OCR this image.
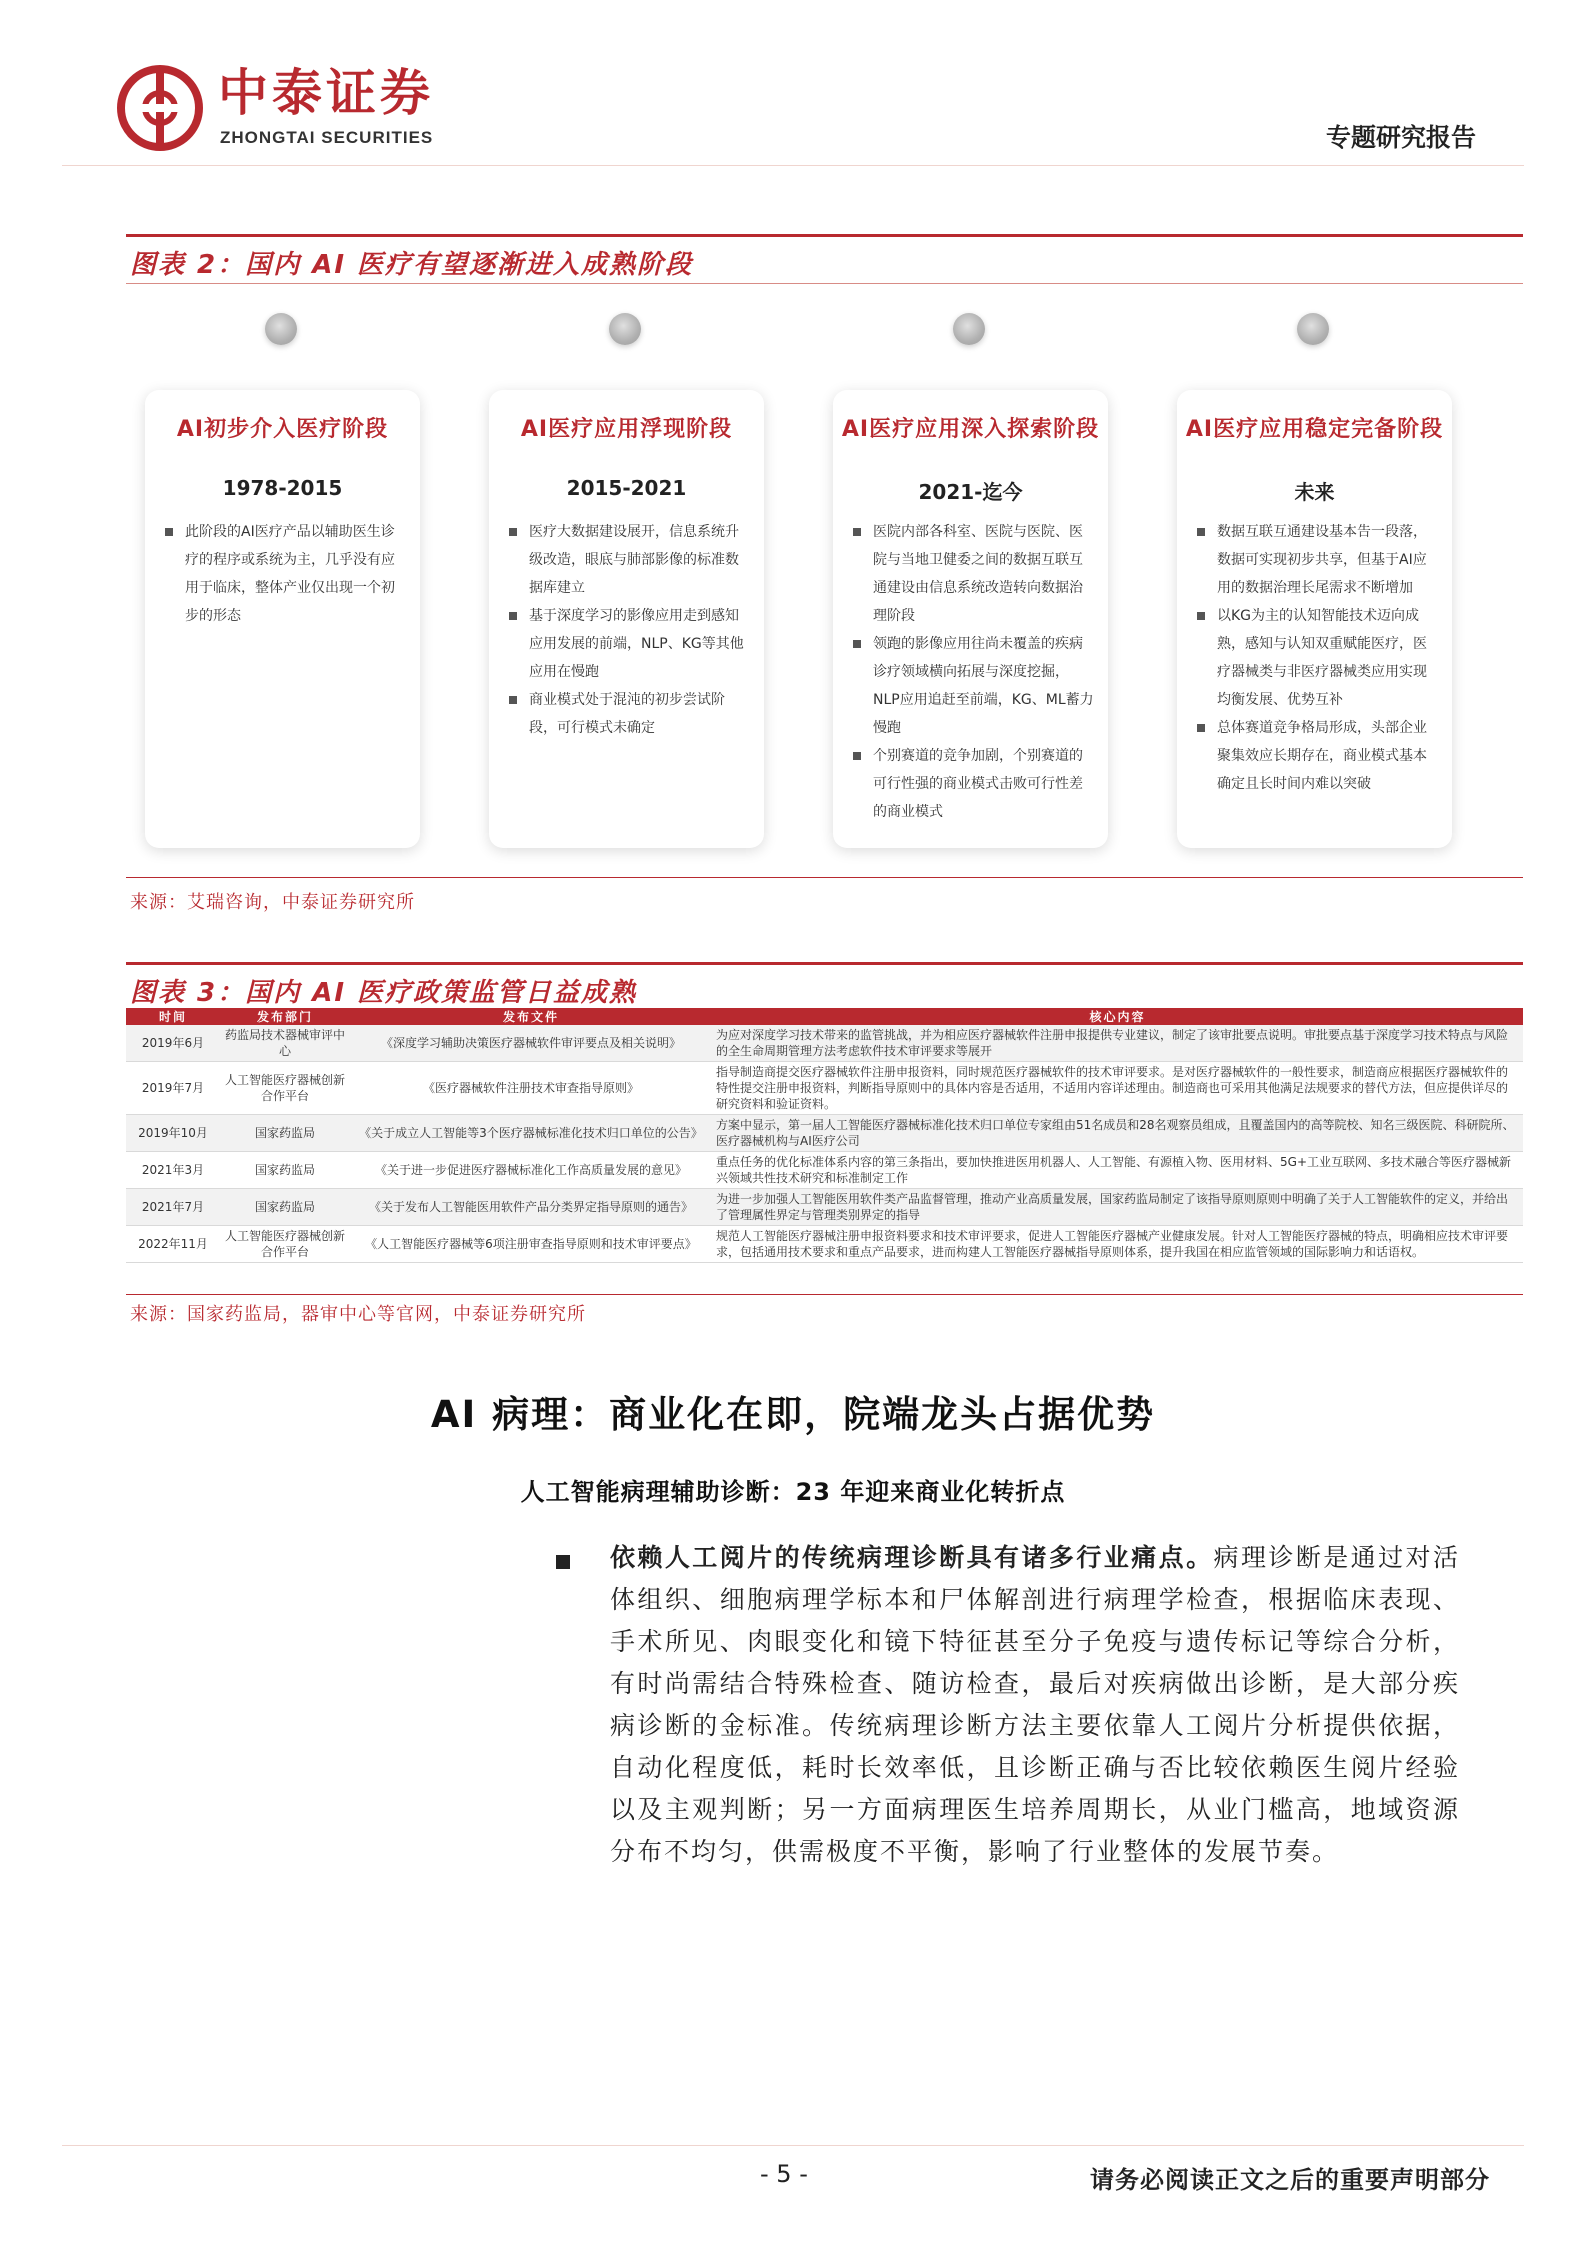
中泰证券
ZHONGTAI SECURITIES	专题研究报告
图表 2：国内 AI 医疗有望逐渐进入成熟阶段
AI初步介入医疗阶段
1978-2015
此阶段的AI医疗产品以辅助医生诊疗的程序或系统为主，几乎没有应用于临床，整体产业仅出现一个初步的形态
AI医疗应用浮现阶段
2015-2021
医疗大数据建设展开，信息系统升级改造，眼底与肺部影像的标准数据库建立
基于深度学习的影像应用走到感知应用发展的前端，NLP、KG等其他应用在慢跑
商业模式处于混沌的初步尝试阶段，可行模式未确定
AI医疗应用深入探索阶段
2021-迄今
医院内部各科室、医院与医院、医院与当地卫健委之间的数据互联互通建设由信息系统改造转向数据治理阶段
领跑的影像应用往尚未覆盖的疾病诊疗领域横向拓展与深度挖掘，NLP应用追赶至前端，KG、ML蓄力慢跑
个别赛道的竞争加剧，个别赛道的可行性强的商业模式击败可行性差的商业模式
AI医疗应用稳定完备阶段
未来
数据互联互通建设基本告一段落，数据可实现初步共享，但基于AI应用的数据治理长尾需求不断增加
以KG为主的认知智能技术迈向成熟，感知与认知双重赋能医疗，医疗器械类与非医疗器械类应用实现均衡发展、优势互补
总体赛道竞争格局形成，头部企业聚集效应长期存在，商业模式基本确定且长时间内难以突破
来源：艾瑞咨询，中泰证券研究所
图表 3：国内 AI 医疗政策监管日益成熟
时间	发布部门	发布文件	核心内容
2019年6月	药监局技术器械审评中心	《深度学习辅助决策医疗器械软件审评要点及相关说明》	为应对深度学习技术带来的监管挑战，并为相应医疗器械软件注册申报提供专业建议，制定了该审批要点说明。审批要点基于深度学习技术特点与风险的全生命周期管理方法考虑软件技术审评要求等展开
2019年7月	人工智能医疗器械创新合作平台	《医疗器械软件注册技术审查指导原则》	指导制造商提交医疗器械软件注册申报资料，同时规范医疗器械软件的技术审评要求。是对医疗器械软件的一般性要求，制造商应根据医疗器械软件的特性提交注册申报资料，判断指导原则中的具体内容是否适用，不适用内容详述理由。制造商也可采用其他满足法规要求的替代方法，但应提供详尽的研究资料和验证资料。
2019年10月	国家药监局	《关于成立人工智能等3个医疗器械标准化技术归口单位的公告》	方案中显示，第一届人工智能医疗器械标准化技术归口单位专家组由51名成员和28名观察员组成，且覆盖国内的高等院校、知名三级医院、科研院所、医疗器械机构与AI医疗公司
2021年3月	国家药监局	《关于进一步促进医疗器械标准化工作高质量发展的意见》	重点任务的优化标准体系内容的第三条指出，要加快推进医用机器人、人工智能、有源植入物、医用材料、5G+工业互联网、多技术融合等医疗器械新兴领域共性技术研究和标准制定工作
2021年7月	国家药监局	《关于发布人工智能医用软件产品分类界定指导原则的通告》	为进一步加强人工智能医用软件类产品监督管理，推动产业高质量发展，国家药监局制定了该指导原则原则中明确了关于人工智能软件的定义，并给出了管理属性界定与管理类别界定的指导
2022年11月	人工智能医疗器械创新合作平台	《人工智能医疗器械等6项注册审查指导原则和技术审评要点》	规范人工智能医疗器械注册申报资料要求和技术审评要求，促进人工智能医疗器械产业健康发展。针对人工智能医疗器械的特点，明确相应技术审评要求，包括通用技术要求和重点产品要求，进而构建人工智能医疗器械指导原则体系，提升我国在相应监管领域的国际影响力和话语权。
来源：国家药监局，器审中心等官网，中泰证券研究所
AI 病理：商业化在即，院端龙头占据优势
人工智能病理辅助诊断：23 年迎来商业化转折点
依赖人工阅片的传统病理诊断具有诸多行业痛点。病理诊断是通过对活体组织、细胞病理学标本和尸体解剖进行病理学检查，根据临床表现、手术所见、肉眼变化和镜下特征甚至分子免疫与遗传标记等综合分析，有时尚需结合特殊检查、随访检查，最后对疾病做出诊断，是大部分疾病诊断的金标准。传统病理诊断方法主要依靠人工阅片分析提供依据，自动化程度低，耗时长效率低，且诊断正确与否比较依赖医生阅片经验以及主观判断；另一方面病理医生培养周期长，从业门槛高，地域资源分布不均匀，供需极度不平衡，影响了行业整体的发展节奏。
- 5 -	请务必阅读正文之后的重要声明部分
